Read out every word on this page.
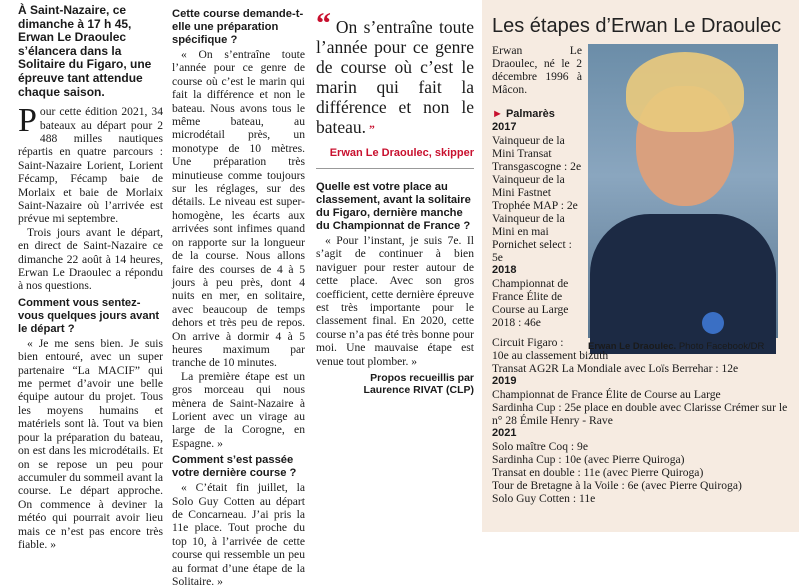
À Saint-Nazaire, ce dimanche à 17 h 45, Erwan Le Draoulec s’élancera dans la Solitaire du Figaro, une épreuve tant attendue chaque saison.

Pour cette édition 2021, 34 bateaux au départ pour 2 488 milles nautiques répartis en quatre parcours : Saint-Nazaire Lorient, Lorient Fécamp, Fécamp baie de Morlaix et baie de Morlaix Saint-Nazaire où l’arrivée est prévue mi septembre.

Trois jours avant le départ, en direct de Saint-Nazaire ce dimanche 22 août à 14 heures, Erwan Le Draoulec a répondu à nos questions.

Comment vous sentez-vous quelques jours avant le départ ?

« Je me sens bien. Je suis bien entouré, avec un super partenaire “La MACIF” qui me permet d’avoir une belle équipe autour du projet. Tous les moyens humains et matériels sont là. Tout va bien pour la préparation du bateau, on est dans les microdétails. Et on se repose un peu pour accumuler du sommeil avant la course. Le départ approche. On commence à deviner la météo qui pourrait avoir lieu mais ce n’est pas encore très fiable. »

Cette course demande-t-elle une préparation spécifique ?

« On s’entraîne toute l’année pour ce genre de course où c’est le marin qui fait la différence et non le bateau. Nous avons tous le même bateau, au microdétail près, un monotype de 10 mètres. Une préparation très minutieuse comme toujours sur les réglages, sur des détails. Le niveau est super-homogène, les écarts aux arrivées sont infimes quand on rapporte sur la longueur de la course. Nous allons faire des courses de 4 à 5 jours à peu près, dont 4 nuits en mer, en solitaire, avec beaucoup de temps dehors et très peu de repos. On arrive à dormir 4 à 5 heures maximum par tranche de 10 minutes.

La première étape est un gros morceau qui nous mènera de Saint-Nazaire à Lorient avec un virage au large de la Corogne, en Espagne. »

Comment s’est passée votre dernière course ?

« C’était fin juillet, la Solo Guy Cotten au départ de Concarneau. J’ai pris la 11e place. Tout proche du top 10, à l’arrivée de cette course qui ressemble un peu au format d’une étape de la Solitaire. »

“ On s’entraîne toute l’année pour ce genre de course où c’est le marin qui fait la différence et non le bateau. ”
Erwan Le Draoulec, skipper
Quelle est votre place au classement, avant la solitaire du Figaro, dernière manche du Championnat de France ?

« Pour l’instant, je suis 7e. Il s’agit de continuer à bien naviguer pour rester autour de cette place. Avec son gros coefficient, cette dernière épreuve est très importante pour le classement final. En 2020, cette course n’a pas été très bonne pour moi. Une mauvaise étape est venue tout plomber. »

Propos recueillis par
Laurence RIVAT (CLP)
Les étapes d’Erwan Le Draoulec
Erwan Le Draoulec, né le 2 décembre 1996 à Mâcon.
Erwan Le Draoulec. Photo Facebook/DR
► Palmarès
2017
Vainqueur de la Mini Transat Transgascogne : 2e
Vainqueur de la Mini Fastnet Trophée MAP : 2e
Vainqueur de la Mini en mai Pornichet select : 5e
2018
Championnat de France Élite de Course au Large 2018 : 46e
Circuit Figaro :
10e au classement bizuth
Transat AG2R La Mondiale avec Loïs Berrehar : 12e
2019
Championnat de France Élite de Course au Large
Sardinha Cup : 25e place en double avec Clarisse Crémer sur le n° 28 Émile Henry - Rave
2021
Solo maître Coq : 9e
Sardinha Cup : 10e (avec Pierre Quiroga)
Transat en double : 11e (avec Pierre Quiroga)
Tour de Bretagne à la Voile : 6e (avec Pierre Quiroga)
Solo Guy Cotten : 11e
